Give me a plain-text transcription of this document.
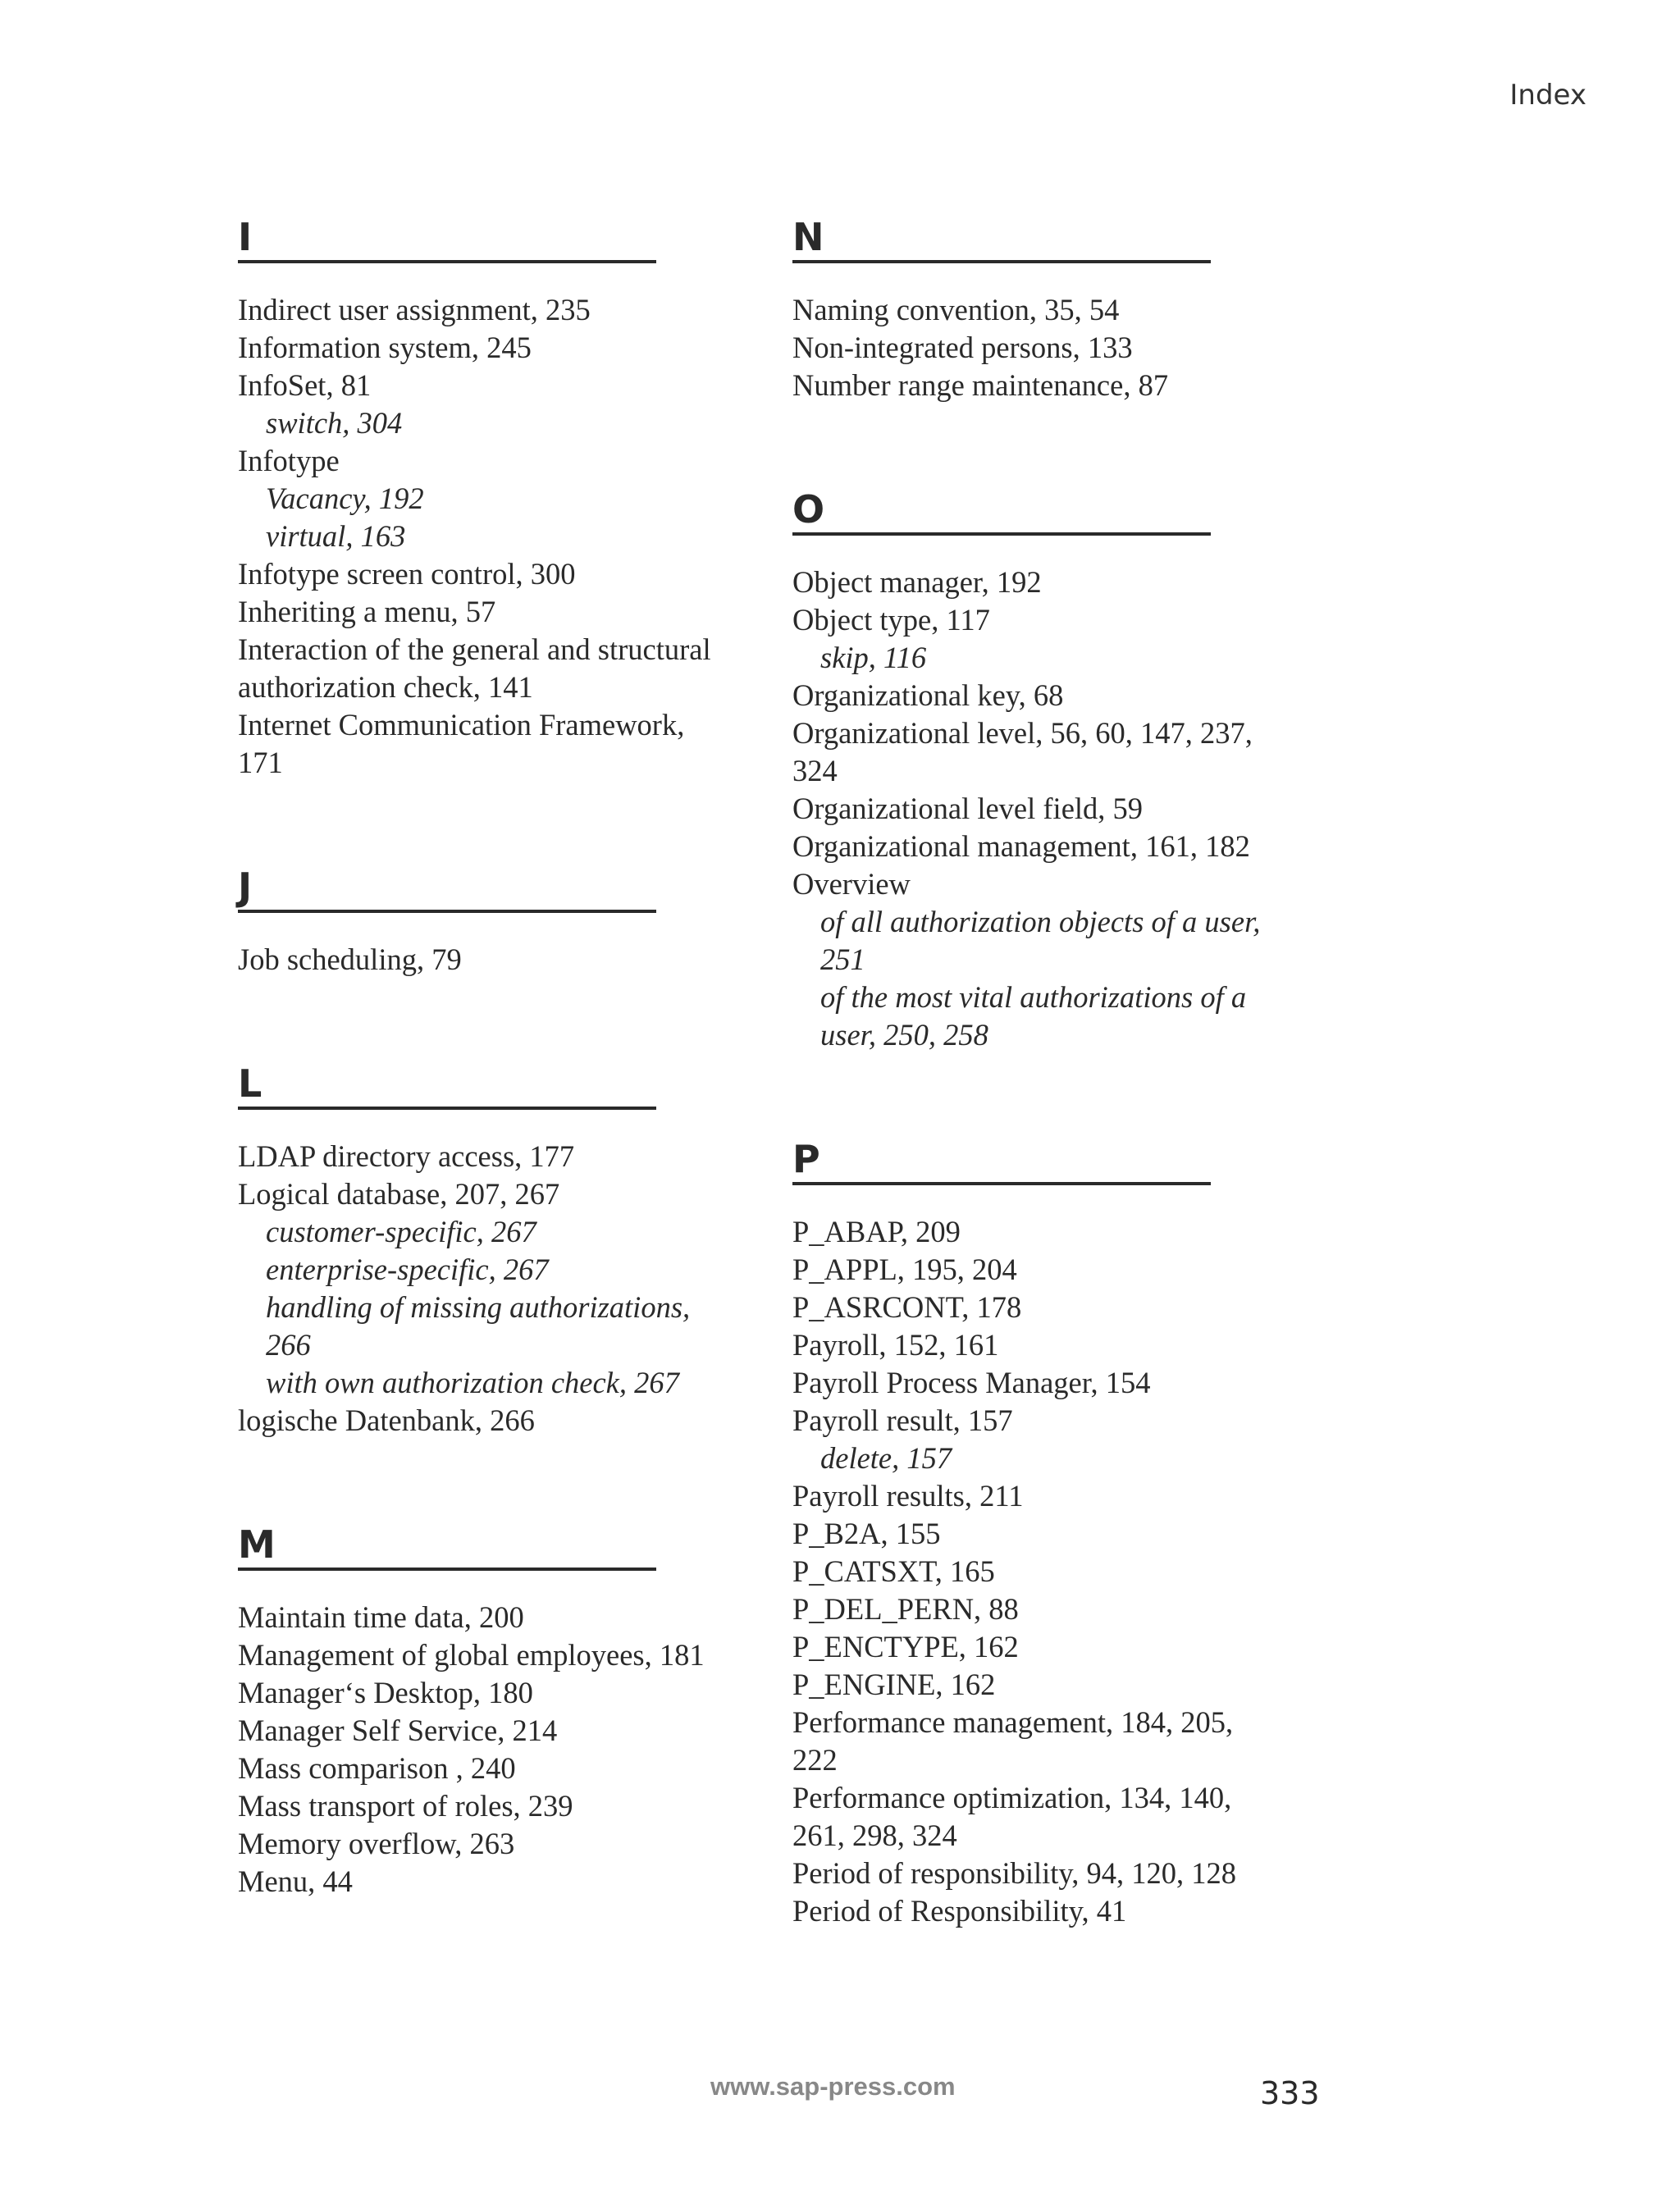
Index
I
Indirect user assignment, 235
Information system, 245
InfoSet, 81
switch, 304
Infotype
Vacancy, 192
virtual, 163
Infotype screen control, 300
Inheriting a menu, 57
Interaction of the general and structural
authorization check, 141
Internet Communication Framework,
171
J
Job scheduling, 79
L
LDAP directory access, 177
Logical database, 207, 267
customer-specific, 267
enterprise-specific, 267
handling of missing authorizations,
266
with own authorization check, 267
logische Datenbank, 266
M
Maintain time data, 200
Management of global employees, 181
Manager‘s Desktop, 180
Manager Self Service, 214
Mass comparison , 240
Mass transport of roles, 239
Memory overflow, 263
Menu, 44
N
Naming convention, 35, 54
Non-integrated persons, 133
Number range maintenance, 87
O
Object manager, 192
Object type, 117
skip, 116
Organizational key, 68
Organizational level, 56, 60, 147, 237,
324
Organizational level field, 59
Organizational management, 161, 182
Overview
of all authorization objects of a user,
251
of the most vital authorizations of a
user, 250, 258
P
P_ABAP, 209
P_APPL, 195, 204
P_ASRCONT, 178
Payroll, 152, 161
Payroll Process Manager, 154
Payroll result, 157
delete, 157
Payroll results, 211
P_B2A, 155
P_CATSXT, 165
P_DEL_PERN, 88
P_ENCTYPE, 162
P_ENGINE, 162
Performance management, 184, 205,
222
Performance optimization, 134, 140,
261, 298, 324
Period of responsibility, 94, 120, 128
Period of Responsibility, 41
www.sap-press.com	333
